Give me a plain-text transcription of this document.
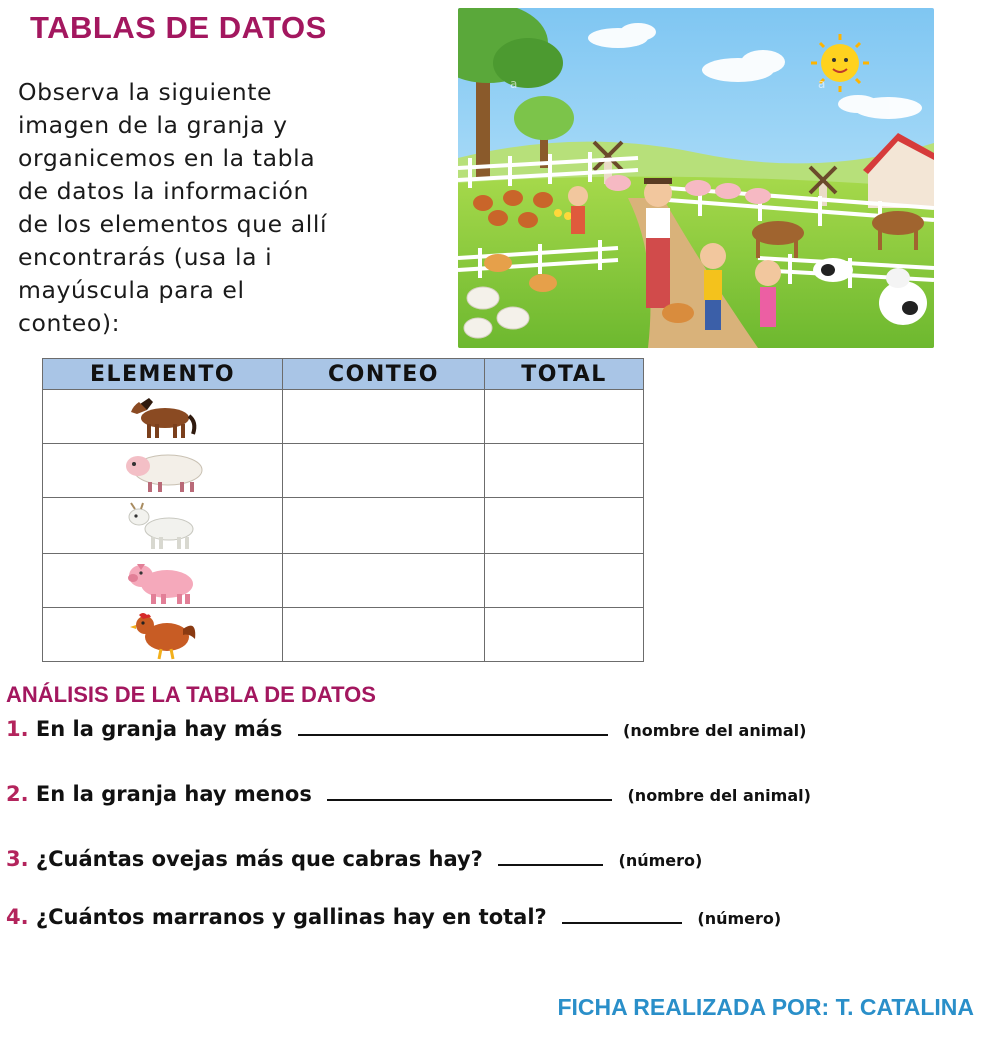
TABLAS DE DATOS
Observa la siguiente
imagen de la granja y
organicemos en la tabla
de datos la información
de los elementos que allí
encontrarás (usa la i
mayúscula para el
conteo):
a	a
ELEMENTO	CONTEO	TOTAL

ANÁLISIS DE LA TABLA DE DATOS
1. En la granja hay más	(nombre del animal)
2. En la granja hay menos	(nombre del animal)
3. ¿Cuántas ovejas más que cabras hay?	(número)
4. ¿Cuántos marranos y gallinas hay en total?	(número)
FICHA REALIZADA POR: T. CATALINA
